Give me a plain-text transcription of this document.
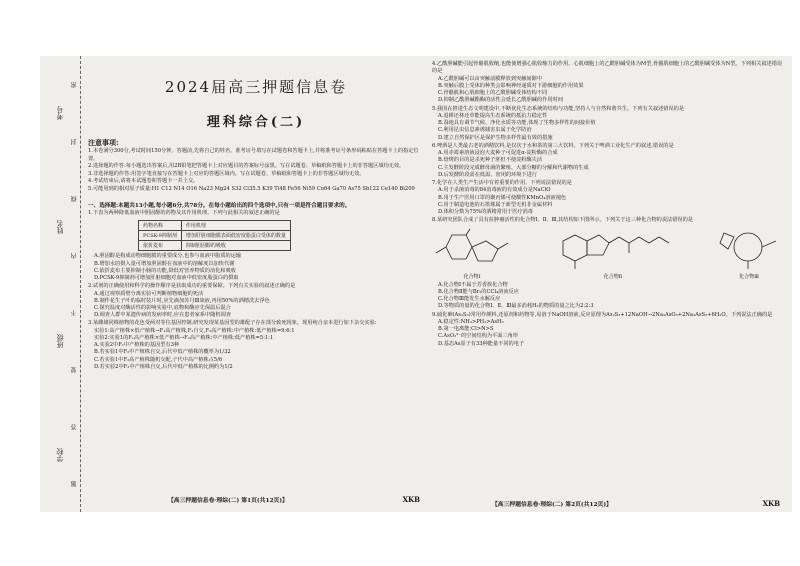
考号
姓名
班级
学校
密
封
线
内
不
要
答
题
2024届高三押题信息卷
理科综合(二)
注意事项:

1.本卷满分300分,考试时间150分钟。答题前,先将自己的姓名、准考证号填写在试题卷和答题卡上,并将准考证号条形码粘贴在答题卡上的指定位置。

2.选择题的作答:每小题选出答案后,用2B铅笔把答题卡上对应题目的答案标号涂黑。写在试题卷、草稿纸和答题卡上的非答题区域均无效。

3.非选择题的作答:用签字笔直接写在答题卡上对应的答题区域内。写在试题卷、草稿纸和答题卡上的非答题区域均无效。

4.考试结束后,请将本试题卷和答题卡一并上交。

5.可能用到的相对原子质量:H1 C12 N14 O16 Na23 Mg24 S32 Cl35.5 K39 Ti48 Fe56 Ni59 Cu64 Ga70 As75 Sb122 Ce140 Bi209

一、选择题:本题共13小题,每小题6分,共78分。在每小题给出的四个选项中,只有一项是符合题目要求的。

1.下表为两种降低血液中胆固醇的药物及其作用机理。下列与此相关的叙述正确的是

药物名称	作用机理
PCSK-9抑制剂	增加肝脏细胞膜表面低密度脂蛋白受体的数量
依折麦布	抑制胆固醇的吸收

A.胆固醇是构成动物细胞膜的重要成分,也参与血液中脂质的运输

B.增加水的摄入量可增加胆固醇在血液中的溶解度以加快代谢

C.依折麦布主要抑制小肠的功能,降低对营养物质的消化和吸收

D.PCSK-9抑制剂可增加肝脏细胞对血液中低密度脂蛋白的摄取

2.试剂的正确使用和科学的操作顺序是获取成功的重要保障。下列有关实验的叙述正确的是

A.通过观察质壁分离实验可判断植物细胞的死活

B.制作花生子叶的临时装片时,应先滴加苏丹Ⅲ染液,再用50%的酒精洗去浮色

C.探究温度对酶活性的影响实验中,底物和酶应先保温后混合

D.调查人群中某遗传病的发病率时,应在患者家系中随机调查

3.某雌雄同株植物的花色受两对等位基因控制,研究发现某基因型的雄配子存在部分致死现象。现用纯合亲本进行如下杂交实验:

实验1:高产植株×低产植株→F₁高产植株,F₁自交,F₂高产植株:中产植株:低产植株=9:6:1

实验2:实验1的F₁高产植株×低产植株→F₂高产植株:中产植株:低产植株=5:1:1

A.实验2中F₁中产植株的基因型有3种

B.若实验1中F₂中产植株自交,后代中低产植株的概率为1/32

C.若实验1中F₂高产植株随机交配,子代中高产植株占5/6

D.若实验2中F₂中产植株自交,后代中低产植株的比例约为1/2

【高三押题信息卷·理综(二) 第1页(共12页)】	XKB

4.乙酰胆碱能引起骨骼肌收缩,也能使增强心肌收缩力的作用。心肌细胞上的乙酰胆碱受体为M型,骨骼肌细胞上的乙酰胆碱受体为N型。下列相关叙述错误的是

A.乙酰胆碱可以由突触前膜释放到突触间隙中

B.突触后膜上受体的种类会影响神经递质对下游细胞的作用效果

C.骨骼肌和心肌细胞上的乙酰胆碱受体结构不同

D.抑制乙酰胆碱酯酶的活性会延长乙酰胆碱的作用时间

5.我国在推进生态文明建设中,不断优化生态系统的结构与功能,坚持人与自然和谐共生。下列有关叙述错误的是

A.退耕还林还草能提高生态系统的抵抗力稳定性

B.湿地具有调节气候、净化水质等功能,体现了生物多样性的间接价值

C.利用昆虫信息素诱捕害虫属于化学防治

D.建立自然保护区是保护生物多样性最有效的措施

6.啤酒是人类最古老的酒精饮料,是仅次于水和茶的第三大饮料。下列关于啤酒工业化生产的叙述,错误的是

A.用赤霉素溶液浸泡大麦种子可促进α-淀粉酶的合成

B.焙烤的目的是杀死种子胚但不使淀粉酶失活

C.主发酵阶段完成酵母菌的繁殖、大部分糖的分解和代谢物的生成

D.后发酵阶段需在低温、密闭的环境下进行

7.化学在人类生产生活中有着重要的作用。下列说法错误的是

A.用于杀菌消毒的84消毒液的有效成分是NaClO

B.用于生产医用口罩的聚丙烯可使酸性KMnO₄溶液褪色

C.用于制造电池的石墨烯属于新型无机非金属材料

D.体积分数为75%的酒精常用于医疗消毒

8.某研究团队合成了具有抗肿瘤活性的化合物Ⅰ、Ⅱ、Ⅲ,其结构如下图所示。下列关于这三种化合物的说法错误的是

化合物Ⅰ	化合物Ⅱ	化合物Ⅲ

A.化合物Ⅰ不属于芳香族化合物

B.化合物Ⅱ能与Br₂的CCl₄溶液反应

C.化合物Ⅲ能发生水解反应

D.等物质的量的化合物Ⅰ、Ⅱ、Ⅲ最多消耗H₂的物质的量之比为2:2:3

9.硫化砷(As₂S₃)常用作颜料,还原剂和药物等,易溶于NaOH溶液,反应原理为As₂S₃+12NaOH→2Na₃AsO₃+2Na₃AsS₃+6H₂O。下列说法正确的是

A.稳定性:NH₃>PH₃>AsH₃

B.第一电离能:Cl>N>S

C.AsO₃³⁻的空间结构为平面三角形

D.基态As原子有33种能量不同的电子

【高三押题信息卷·理综(二) 第2页(共12页)】	XKB
